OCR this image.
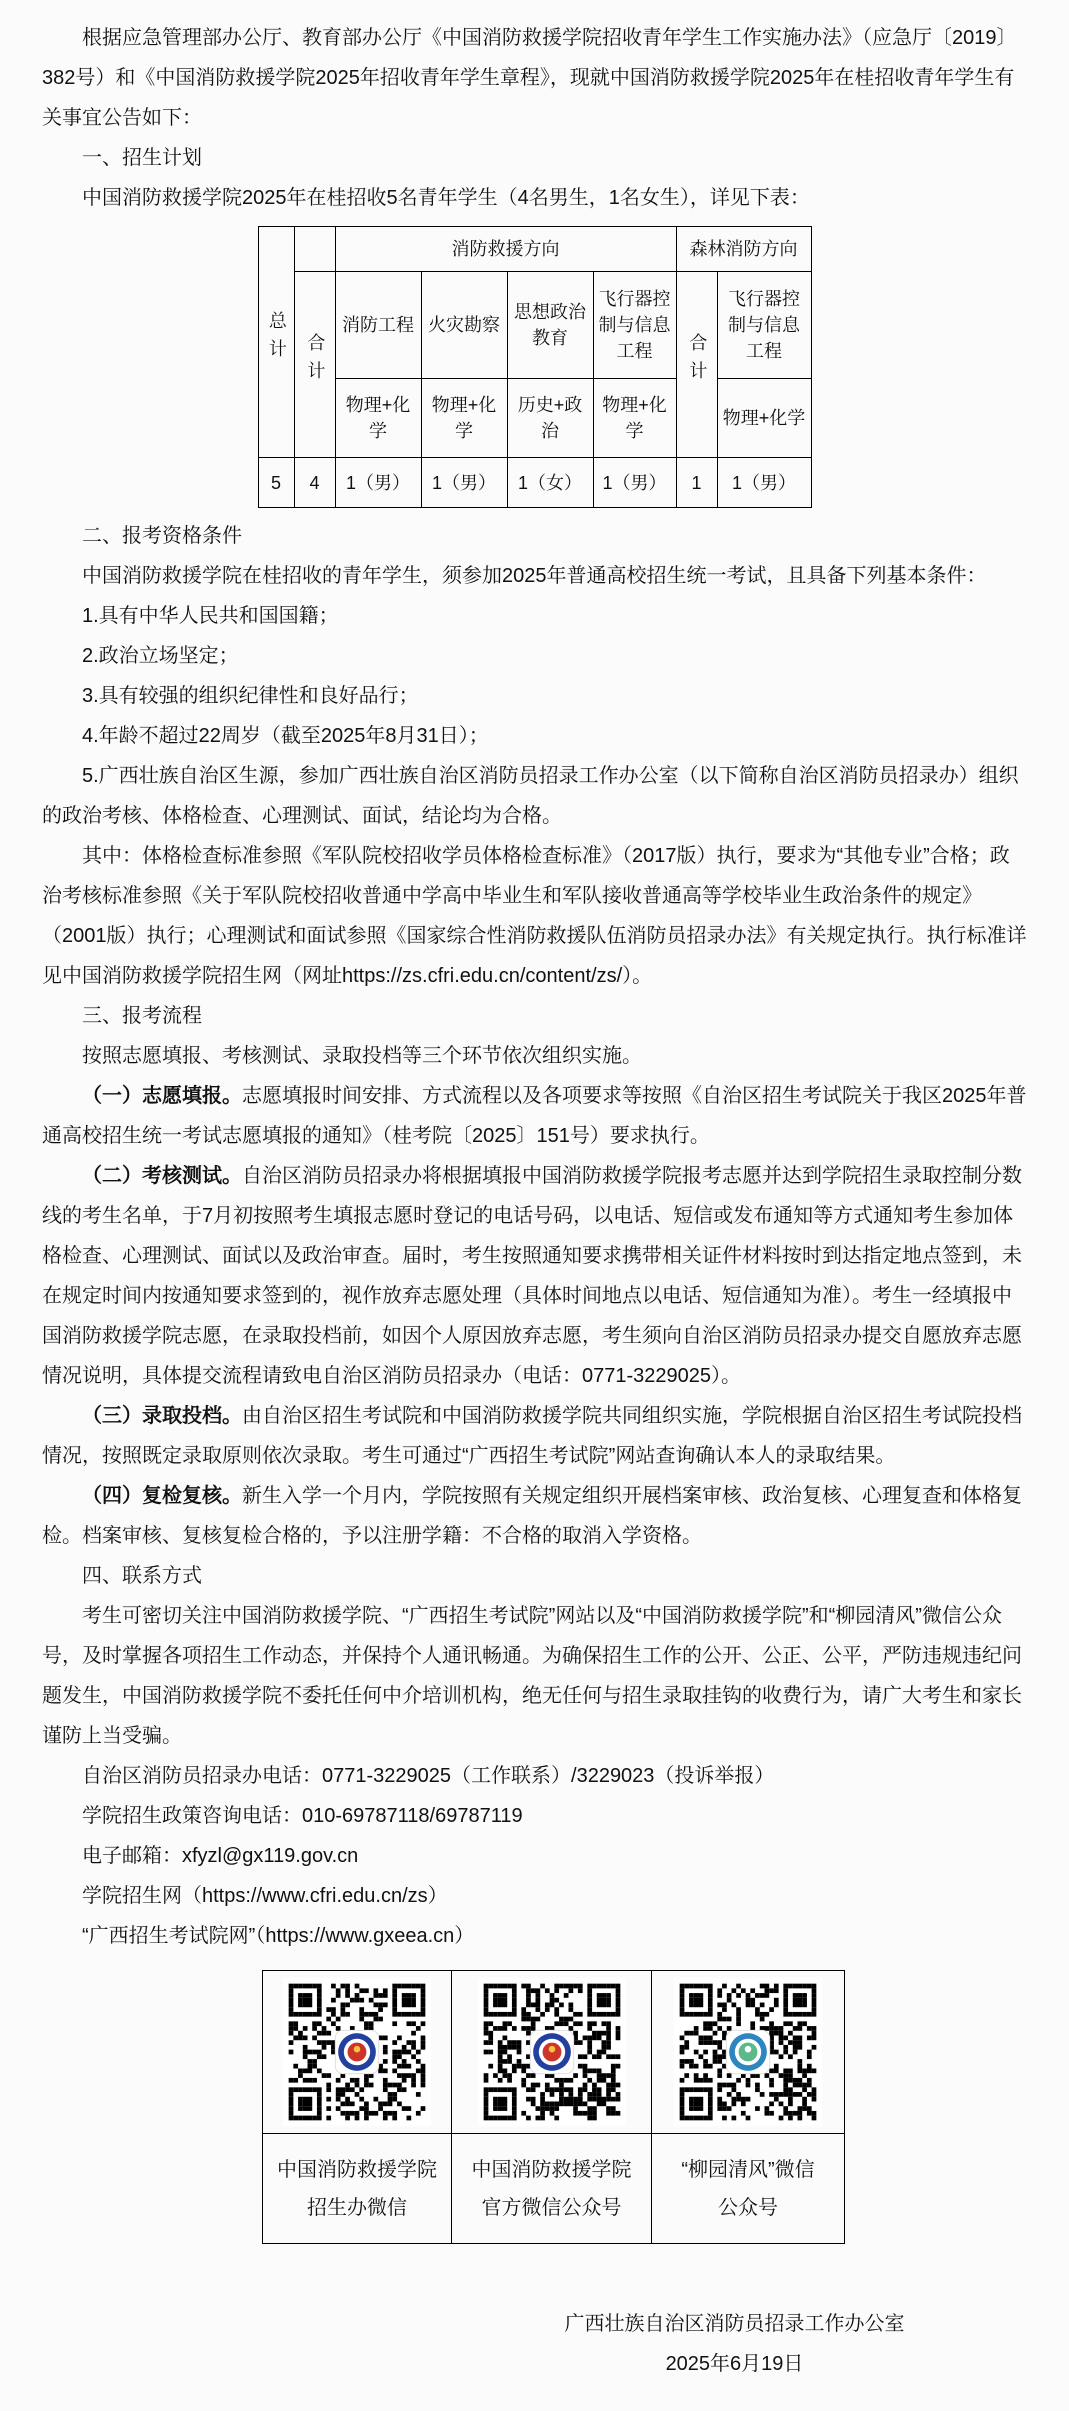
根据应急管理部办公厅、教育部办公厅《中国消防救援学院招收青年学生工作实施办法》（应急厅〔2019〕382号）和《中国消防救援学院2025年招收青年学生章程》，现就中国消防救援学院2025年在桂招收青年学生有关事宜公告如下：

一、招生计划

中国消防救援学院2025年在桂招收5名青年学生（4名男生，1名女生），详见下表：

总计		消防救援方向				森林消防方向	
	合计	消防工程	火灾勘察	思想政治教育	飞行器控制与信息工程	合计	飞行器控制与信息工程
		物理+化学	物理+化学	历史+政治	物理+化学		物理+化学
5	4	1（男）	1（男）	1（女）	1（男）	1	1（男）

二、报考资格条件

中国消防救援学院在桂招收的青年学生，须参加2025年普通高校招生统一考试，且具备下列基本条件：

1.具有中华人民共和国国籍；

2.政治立场坚定；

3.具有较强的组织纪律性和良好品行；

4.年龄不超过22周岁（截至2025年8月31日）；

5.广西壮族自治区生源，参加广西壮族自治区消防员招录工作办公室（以下简称自治区消防员招录办）组织的政治考核、体格检查、心理测试、面试，结论均为合格。

其中：体格检查标准参照《军队院校招收学员体格检查标准》（2017版）执行，要求为“其他专业”合格；政治考核标准参照《关于军队院校招收普通中学高中毕业生和军队接收普通高等学校毕业生政治条件的规定》（2001版）执行；心理测试和面试参照《国家综合性消防救援队伍消防员招录办法》有关规定执行。执行标准详见中国消防救援学院招生网（网址https://zs.cfri.edu.cn/content/zs/）。

三、报考流程

按照志愿填报、考核测试、录取投档等三个环节依次组织实施。

（一）志愿填报。志愿填报时间安排、方式流程以及各项要求等按照《自治区招生考试院关于我区2025年普通高校招生统一考试志愿填报的通知》（桂考院〔2025〕151号）要求执行。

（二）考核测试。自治区消防员招录办将根据填报中国消防救援学院报考志愿并达到学院招生录取控制分数线的考生名单，于7月初按照考生填报志愿时登记的电话号码，以电话、短信或发布通知等方式通知考生参加体格检查、心理测试、面试以及政治审查。届时，考生按照通知要求携带相关证件材料按时到达指定地点签到，未在规定时间内按通知要求签到的，视作放弃志愿处理（具体时间地点以电话、短信通知为准）。考生一经填报中国消防救援学院志愿，在录取投档前，如因个人原因放弃志愿，考生须向自治区消防员招录办提交自愿放弃志愿情况说明，具体提交流程请致电自治区消防员招录办（电话：0771-3229025）。

（三）录取投档。由自治区招生考试院和中国消防救援学院共同组织实施，学院根据自治区招生考试院投档情况，按照既定录取原则依次录取。考生可通过“广西招生考试院”网站查询确认本人的录取结果。

（四）复检复核。新生入学一个月内，学院按照有关规定组织开展档案审核、政治复核、心理复查和体格复检。档案审核、复核复检合格的，予以注册学籍：不合格的取消入学资格。

四、联系方式

考生可密切关注中国消防救援学院、“广西招生考试院”网站以及“中国消防救援学院”和“柳园清风”微信公众号，及时掌握各项招生工作动态，并保持个人通讯畅通。为确保招生工作的公开、公正、公平，严防违规违纪问题发生，中国消防救援学院不委托任何中介培训机构，绝无任何与招生录取挂钩的收费行为，请广大考生和家长谨防上当受骗。

自治区消防员招录办电话：0771-3229025（工作联系）/3229023（投诉举报）

学院招生政策咨询电话：010-69787118/69787119

电子邮箱：xfyzl@gx119.gov.cn

学院招生网（https://www.cfri.edu.cn/zs）

“广西招生考试院网”（https://www.gxeea.cn）

中国消防救援学院
招生办微信

中国消防救援学院
官方微信公众号

“柳园清风”微信
公众号

广西壮族自治区消防员招录工作办公室

2025年6月19日
